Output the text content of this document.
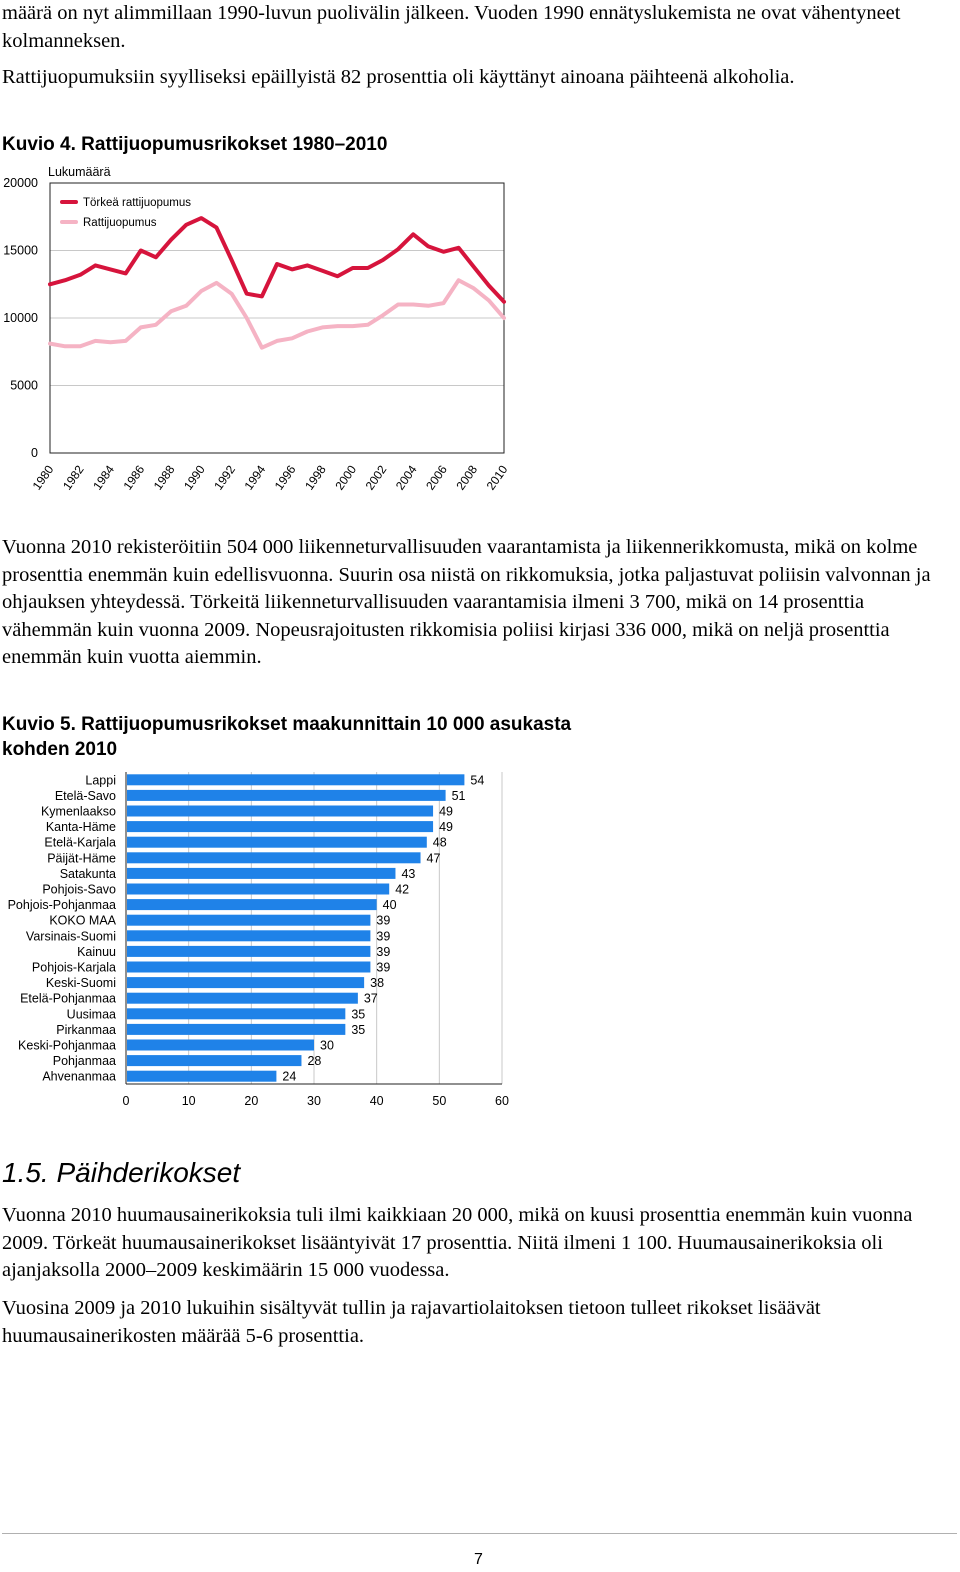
määrä on nyt alimmillaan 1990-luvun puolivälin jälkeen. Vuoden 1990 ennätyslukemista ne ovat vähentyneet kolmanneksen.
Rattijuopumuksiin syylliseksi epäillyistä 82 prosenttia oli käyttänyt ainoana päihteenä alkoholia.
Kuvio 4. Rattijuopumusrikokset 1980–2010
0
5000
10000
15000
20000
1980 1982 1984 1986 1988 1990 1992 1994 1996 1998 2000 2002 2004 2006 2008 2010
Törkeä rattijuopumus
Rattijuopumus
Lukumäärä
Vuonna 2010 rekisteröitiin 504 000 liikenneturvallisuuden vaarantamista ja liikennerikkomusta, mikä on kolme prosenttia enemmän kuin edellisvuonna. Suurin osa niistä on rikkomuksia, jotka paljastuvat poliisin valvonnan ja ohjauksen yhteydessä. Törkeitä liikenneturvallisuuden vaarantamisia ilmeni 3 700, mikä on 14 prosenttia vähemmän kuin vuonna 2009. Nopeusrajoitusten rikkomisia poliisi kirjasi 336 000, mikä on neljä prosenttia enemmän kuin vuotta aiemmin.
Kuvio 5. Rattijuopumusrikokset maakunnittain 10 000 asukasta kohden 2010
Lappi
Etelä-Savo
Kymenlaakso
Kanta-Häme
Etelä-Karjala
Päijät-Häme
Satakunta
Pohjois-Savo
Pohjois-Pohjanmaa
KOKO MAA
Varsinais-Suomi
Kainuu
Pohjois-Karjala
Keski-Suomi
Etelä-Pohjanmaa
Uusimaa
Pirkanmaa
Keski-Pohjanmaa
Pohjanmaa
Ahvenanmaa
54
51
49
49
48
47
43
42
40
39
39
39
39
38
37
35
35
30
28
24
0	10	20	30	40	50	60
1.5. Päihderikokset
Vuonna 2010 huumausainerikoksia tuli ilmi kaikkiaan 20 000, mikä on kuusi prosenttia enemmän kuin vuonna 2009. Törkeät huumausainerikokset lisääntyivät 17 prosenttia. Niitä ilmeni 1 100. Huumausainerikoksia oli ajanjaksolla 2000–2009 keskimäärin 15 000 vuodessa.
Vuosina 2009 ja 2010 lukuihin sisältyvät tullin ja rajavartiolaitoksen tietoon tulleet rikokset lisäävät huumausainerikosten määrää 5-6 prosenttia.
7
